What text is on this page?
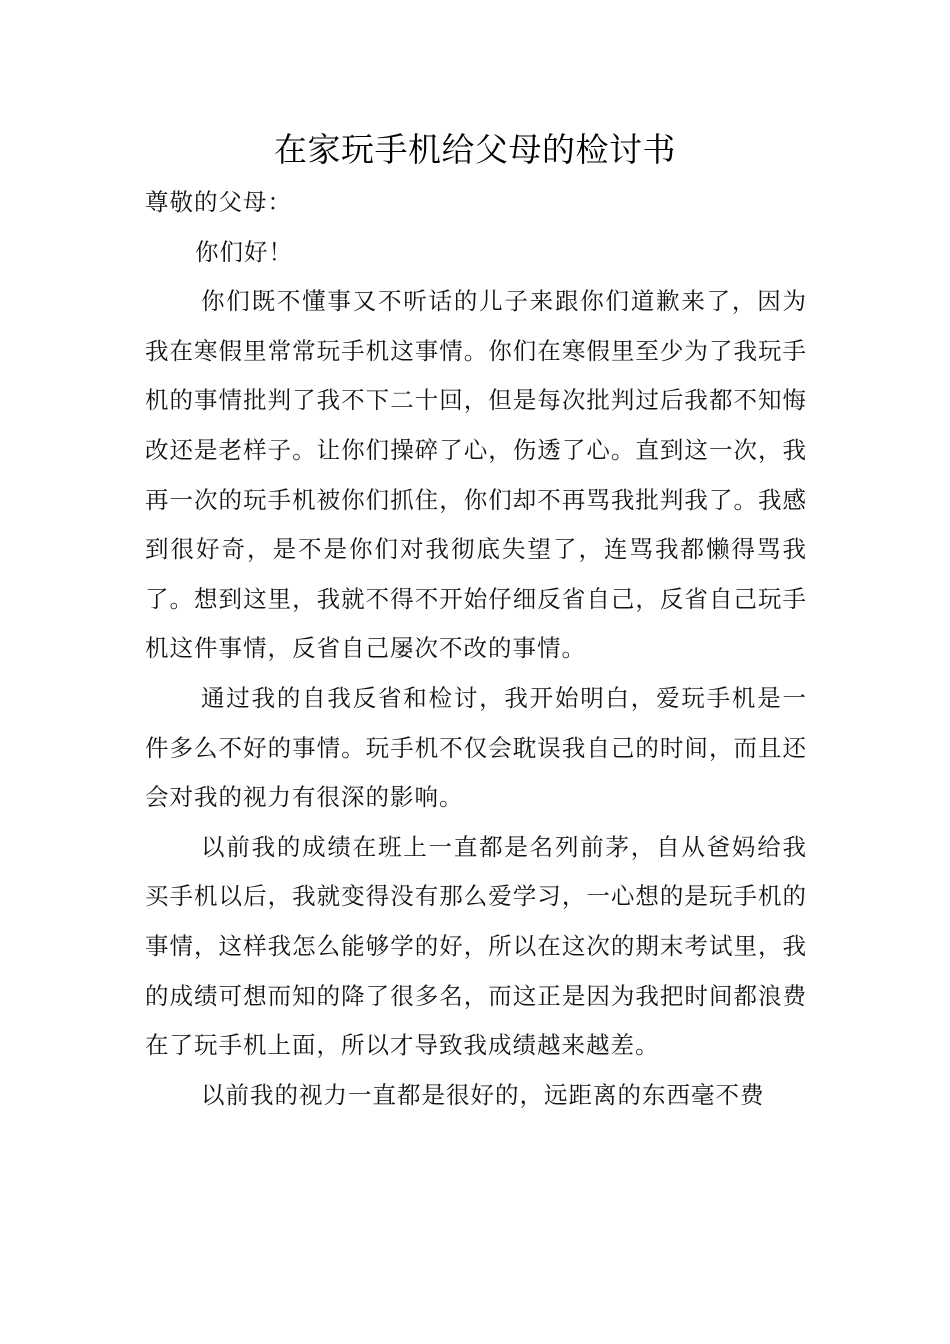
在家玩手机给父母的检讨书

尊敬的父母：

你们好！

你们既不懂事又不听话的儿子来跟你们道歉来了，因为我在寒假里常常玩手机这事情。你们在寒假里至少为了我玩手机的事情批判了我不下二十回，但是每次批判过后我都不知悔改还是老样子。让你们操碎了心，伤透了心。直到这一次，我再一次的玩手机被你们抓住，你们却不再骂我批判我了。我感到很好奇，是不是你们对我彻底失望了，连骂我都懒得骂我了。想到这里，我就不得不开始仔细反省自己，反省自己玩手机这件事情，反省自己屡次不改的事情。

通过我的自我反省和检讨，我开始明白，爱玩手机是一件多么不好的事情。玩手机不仅会耽误我自己的时间，而且还会对我的视力有很深的影响。

以前我的成绩在班上一直都是名列前茅，自从爸妈给我买手机以后，我就变得没有那么爱学习，一心想的是玩手机的事情，这样我怎么能够学的好，所以在这次的期末考试里，我的成绩可想而知的降了很多名，而这正是因为我把时间都浪费在了玩手机上面，所以才导致我成绩越来越差。

以前我的视力一直都是很好的，远距离的东西毫不费
